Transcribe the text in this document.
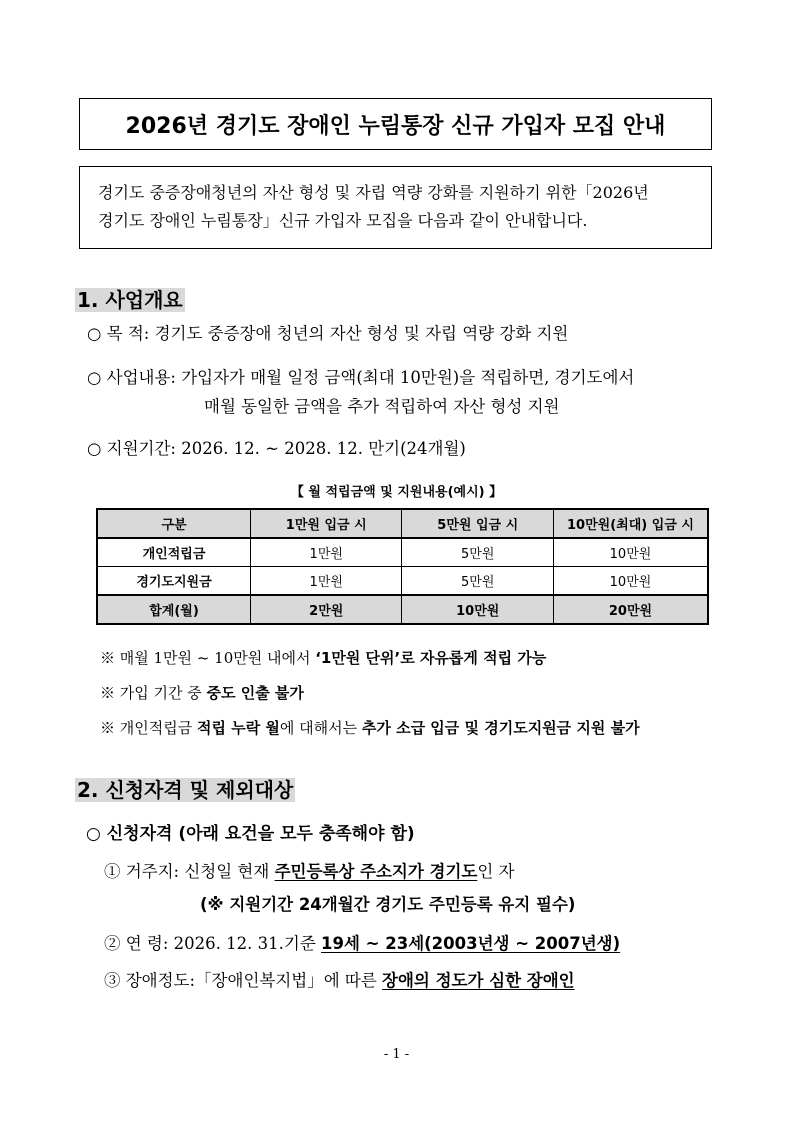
2026년 경기도 장애인 누림통장 신규 가입자 모집 안내
경기도 중증장애청년의 자산 형성 및 자립 역량 강화를 지원하기 위한「2026년
경기도 장애인 누림통장」신규 가입자 모집을 다음과 같이 안내합니다.
1. 사업개요
○ 목 적: 경기도 중증장애 청년의 자산 형성 및 자립 역량 강화 지원
○ 사업내용: 가입자가 매월 일정 금액(최대 10만원)을 적립하면, 경기도에서
매월 동일한 금액을 추가 적립하여 자산 형성 지원
○ 지원기간: 2026. 12. ~ 2028. 12. 만기(24개월)
【 월 적립금액 및 지원내용(예시) 】
구분	1만원 입금 시	5만원 입금 시	10만원(최대) 입금 시
개인적립금	1만원	5만원	10만원
경기도지원금	1만원	5만원	10만원
합계(월)	2만원	10만원	20만원
※ 매월 1만원 ~ 10만원 내에서 ‘1만원 단위’로 자유롭게 적립 가능
※ 가입 기간 중 중도 인출 불가
※ 개인적립금 적립 누락 월에 대해서는 추가 소급 입금 및 경기도지원금 지원 불가
2. 신청자격 및 제외대상
○ 신청자격 (아래 요건을 모두 충족해야 함)
① 거주지: 신청일 현재 주민등록상 주소지가 경기도인 자
(※ 지원기간 24개월간 경기도 주민등록 유지 필수)
② 연 령: 2026. 12. 31.기준 19세 ~ 23세(2003년생 ~ 2007년생)
③ 장애정도:「장애인복지법」에 따른 장애의 정도가 심한 장애인
- 1 -
